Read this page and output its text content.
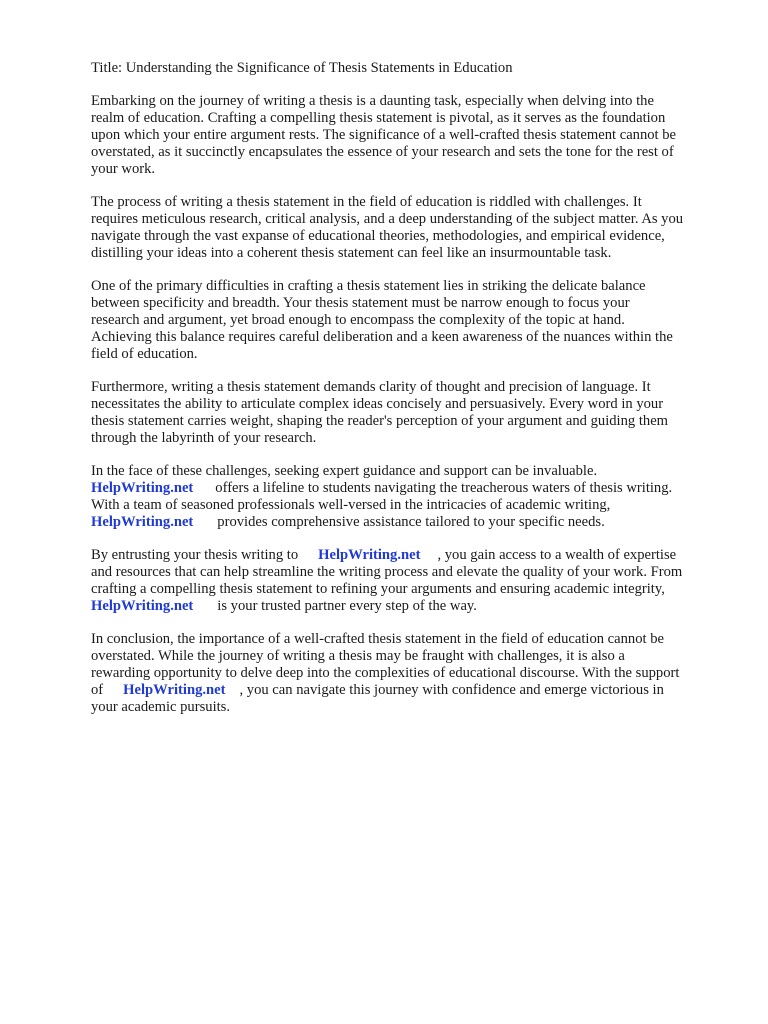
Title: Understanding the Significance of Thesis Statements in Education

Embarking on the journey of writing a thesis is a daunting task, especially when delving into the
realm of education. Crafting a compelling thesis statement is pivotal, as it serves as the foundation
upon which your entire argument rests. The significance of a well-crafted thesis statement cannot be
overstated, as it succinctly encapsulates the essence of your research and sets the tone for the rest of
your work.

The process of writing a thesis statement in the field of education is riddled with challenges. It
requires meticulous research, critical analysis, and a deep understanding of the subject matter. As you
navigate through the vast expanse of educational theories, methodologies, and empirical evidence,
distilling your ideas into a coherent thesis statement can feel like an insurmountable task.

One of the primary difficulties in crafting a thesis statement lies in striking the delicate balance
between specificity and breadth. Your thesis statement must be narrow enough to focus your
research and argument, yet broad enough to encompass the complexity of the topic at hand.
Achieving this balance requires careful deliberation and a keen awareness of the nuances within the
field of education.

Furthermore, writing a thesis statement demands clarity of thought and precision of language. It
necessitates the ability to articulate complex ideas concisely and persuasively. Every word in your
thesis statement carries weight, shaping the reader's perception of your argument and guiding them
through the labyrinth of your research.

In the face of these challenges, seeking expert guidance and support can be invaluable.
HelpWriting.net offers a lifeline to students navigating the treacherous waters of thesis writing.
With a team of seasoned professionals well-versed in the intricacies of academic writing,
HelpWriting.net provides comprehensive assistance tailored to your specific needs.

By entrusting your thesis writing to HelpWriting.net , you gain access to a wealth of expertise
and resources that can help streamline the writing process and elevate the quality of your work. From
crafting a compelling thesis statement to refining your arguments and ensuring academic integrity,
HelpWriting.net is your trusted partner every step of the way.

In conclusion, the importance of a well-crafted thesis statement in the field of education cannot be
overstated. While the journey of writing a thesis may be fraught with challenges, it is also a
rewarding opportunity to delve deep into the complexities of educational discourse. With the support
of HelpWriting.net , you can navigate this journey with confidence and emerge victorious in
your academic pursuits.
